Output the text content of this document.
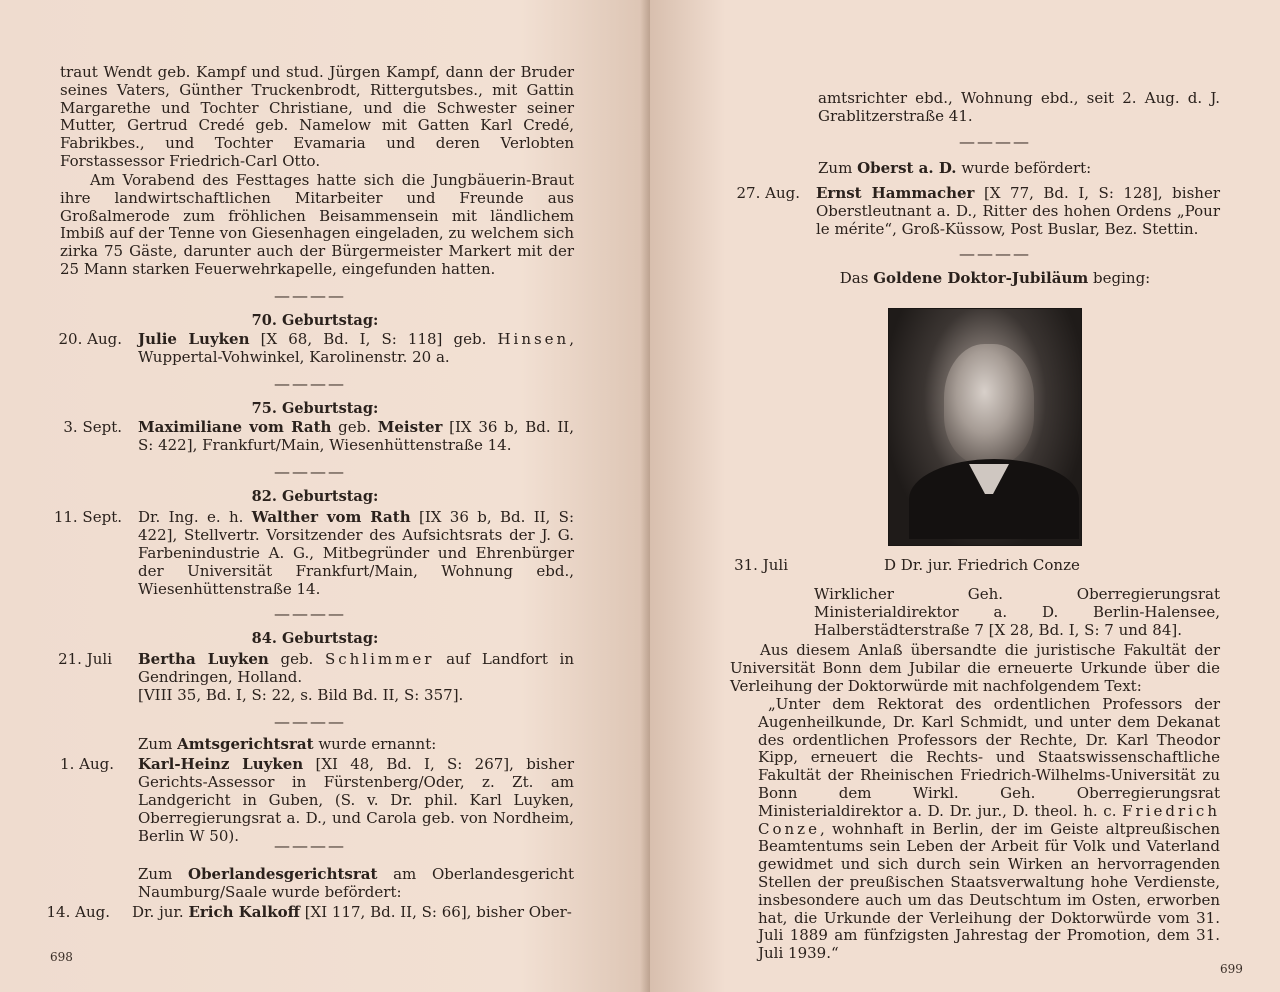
traut Wendt geb. Kampf und stud. Jürgen Kampf, dann der Bruder seines Vaters, Günther Truckenbrodt, Rittergutsbes., mit Gattin Margarethe und Tochter Christiane, und die Schwester seiner Mutter, Gertrud Credé geb. Namelow mit Gatten Karl Credé, Fabrikbes., und Tochter Evamaria und deren Verlobten Forstassessor Friedrich-Carl Otto.
Am Vorabend des Festtages hatte sich die Jungbäuerin-Braut ihre landwirtschaftlichen Mitarbeiter und Freunde aus Großalmerode zum fröhlichen Beisammensein mit ländlichem Imbiß auf der Tenne von Giesenhagen eingeladen, zu welchem sich zirka 75 Gäste, darunter auch der Bürgermeister Markert mit der 25 Mann starken Feuerwehrkapelle, eingefunden hatten.
————
70. Geburtstag:
20. Aug. Julie Luyken [X 68, Bd. I, S: 118] geb. Hinsen, Wuppertal-Vohwinkel, Karolinenstr. 20 a.
————
75. Geburtstag:
3. Sept. Maximiliane vom Rath geb. Meister [IX 36 b, Bd. II, S: 422], Frankfurt/Main, Wiesenhüttenstraße 14.
————
82. Geburtstag:
11. Sept. Dr. Ing. e. h. Walther vom Rath [IX 36 b, Bd. II, S: 422], Stellvertr. Vorsitzender des Aufsichtsrats der J. G. Farbenindustrie A. G., Mitbegründer und Ehrenbürger der Universität Frankfurt/Main, Wohnung ebd., Wiesenhüttenstraße 14.
————
84. Geburtstag:
21. Juli Bertha Luyken geb. Schlimmer auf Landfort in Gendringen, Holland.
[VIII 35, Bd. I, S: 22, s. Bild Bd. II, S: 357].
————
Zum Amtsgerichtsrat wurde ernannt:
1. Aug. Karl-Heinz Luyken [XI 48, Bd. I, S: 267], bisher Gerichts-Assessor in Fürstenberg/Oder, z. Zt. am Landgericht in Guben, (S. v. Dr. phil. Karl Luyken, Oberregierungsrat a. D., und Carola geb. von Nordheim, Berlin W 50).	————
Zum Oberlandesgerichtsrat am Oberlandesgericht Naumburg/Saale wurde befördert:
14. Aug. Dr. jur. Erich Kalkoff [XI 117, Bd. II, S: 66], bisher Ober-
698
amtsrichter ebd., Wohnung ebd., seit 2. Aug. d. J. Grablitzerstraße 41.
————
Zum Oberst a. D. wurde befördert:
27. Aug. Ernst Hammacher [X 77, Bd. I, S: 128], bisher Oberstleutnant a. D., Ritter des hohen Ordens „Pour le mérite“, Groß-Küssow, Post Buslar, Bez. Stettin.
————
Das Goldene Doktor-Jubiläum beging:
31. Juli	D Dr. jur. Friedrich Conze
Wirklicher Geh. Oberregierungsrat Ministerialdirektor a. D. Berlin-Halensee, Halberstädterstraße 7 [X 28, Bd. I, S: 7 und 84].
Aus diesem Anlaß übersandte die juristische Fakultät der Universität Bonn dem Jubilar die erneuerte Urkunde über die Verleihung der Doktorwürde mit nachfolgendem Text:
„Unter dem Rektorat des ordentlichen Professors der Augenheilkunde, Dr. Karl Schmidt, und unter dem Dekanat des ordentlichen Professors der Rechte, Dr. Karl Theodor Kipp, erneuert die Rechts- und Staatswissenschaftliche Fakultät der Rheinischen Friedrich-Wilhelms-Universität zu Bonn dem Wirkl. Geh. Oberregierungsrat Ministerialdirektor a. D. Dr. jur., D. theol. h. c. Friedrich Conze, wohnhaft in Berlin, der im Geiste altpreußischen Beamtentums sein Leben der Arbeit für Volk und Vaterland gewidmet und sich durch sein Wirken an hervorragenden Stellen der preußischen Staatsverwaltung hohe Verdienste, insbesondere auch um das Deutschtum im Osten, erworben hat, die Urkunde der Verleihung der Doktorwürde vom 31. Juli 1889 am fünfzigsten Jahrestag der Promotion, dem 31. Juli 1939.“
699
